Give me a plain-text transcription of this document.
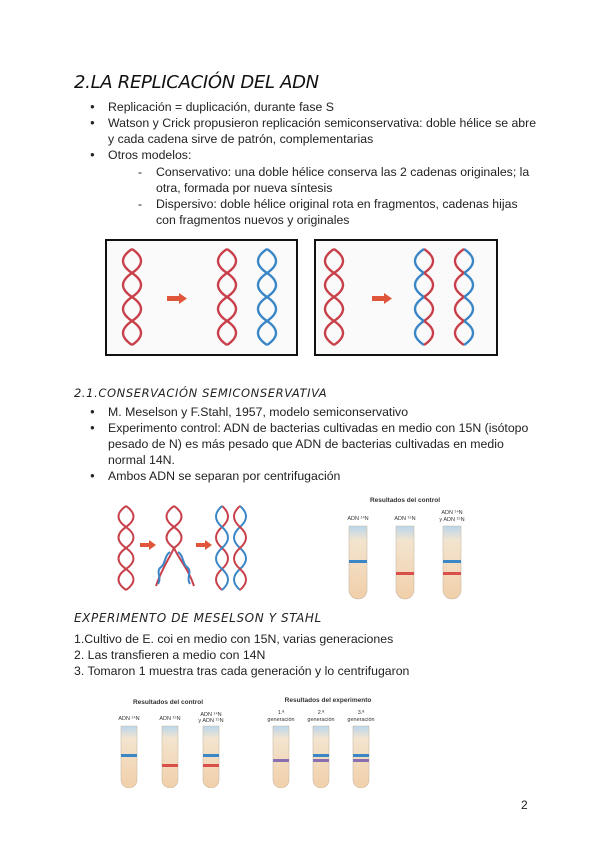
2.LA REPLICACIÓN DEL ADN
● Replicación = duplicación, durante fase S
● Watson y Crick propusieron replicación semiconservativa: doble hélice se abre y cada cadena sirve de patrón, complementarias
● Otros modelos:
- Conservativo: una doble hélice conserva las 2 cadenas originales; la otra, formada por nueva síntesis
- Dispersivo: doble hélice original rota en fragmentos, cadenas hijas con fragmentos nuevos y originales
2.1.CONSERVACIÓN SEMICONSERVATIVA
● M. Meselson y F.Stahl, 1957, modelo semiconservativo
● Experimento control: ADN de bacterias cultivadas en medio con 15N (isótopo pesado de N) es más pesado que ADN de bacterias cultivadas en medio normal 14N.
● Ambos ADN se separan por centrifugación
Resultados del control
ADN ¹⁴N	ADN ¹⁵N
ADN ¹⁴N
y ADN ¹⁵N
EXPERIMENTO DE MESELSON Y STAHL
1.Cultivo de E. coi en medio con 15N, varias generaciones
2. Las transfieren a medio con 14N
3. Tomaron 1 muestra tras cada generación y lo centrifugaron
Resultados del control	Resultados del experimento
ADN ¹⁴N	ADN ¹⁵N
ADN ¹⁴N
y ADN ¹⁵N
1.ª
generación
2.ª
generación
3.ª
generación
2
